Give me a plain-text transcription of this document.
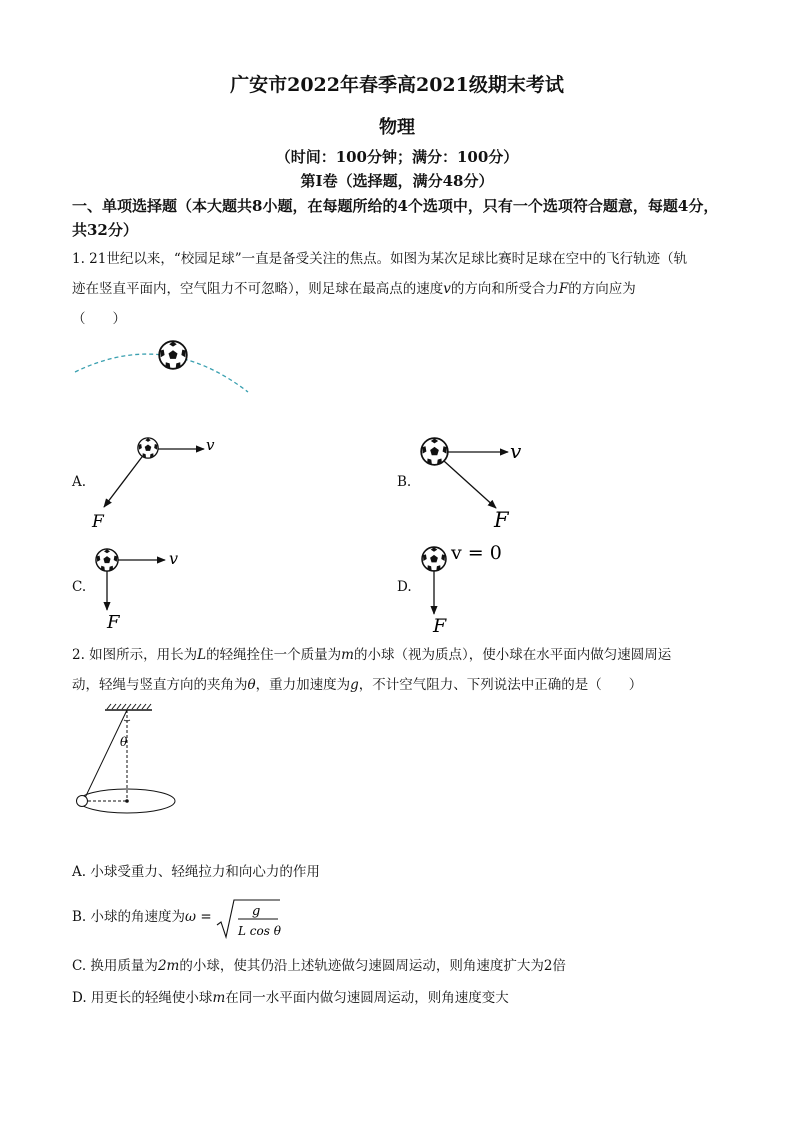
广安市2022年春季高2021级期末考试
物理
（时间：100分钟；满分：100分）
第I卷（选择题，满分48分）
一、单项选择题（本大题共8小题，在每题所给的4个选项中，只有一个选项符合题意，每题4分，共32分）
1. 21世纪以来，“校园足球”一直是备受关注的焦点。如图为某次足球比赛时足球在空中的飞行轨迹（轨
迹在竖直平面内，空气阻力不可忽略），则足球在最高点的速度v的方向和所受合力F的方向应为
（　　）
A.
v
F
B.
v
F
C.
v
F
D.
v = 0
F
2. 如图所示，用长为L的轻绳拴住一个质量为m的小球（视为质点），使小球在水平面内做匀速圆周运
动，轻绳与竖直方向的夹角为θ，重力加速度为g，不计空气阻力、下列说法中正确的是（　　）
θ
A. 小球受重力、轻绳拉力和向心力的作用
B. 小球的角速度为ω =	g
L cos θ
C. 换用质量为2m的小球，使其仍沿上述轨迹做匀速圆周运动，则角速度扩大为2倍
D. 用更长的轻绳使小球m在同一水平面内做匀速圆周运动，则角速度变大
